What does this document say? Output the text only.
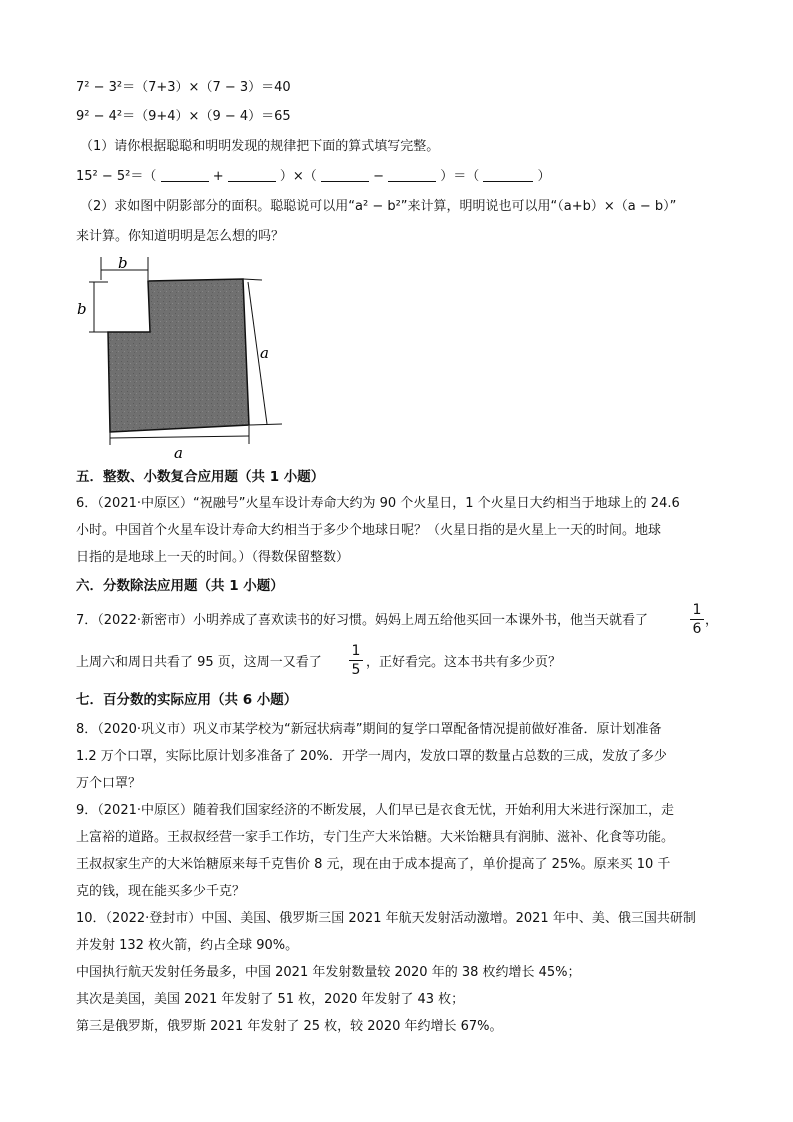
7² − 3²＝（7+3）×（7 − 3）＝40
9² − 4²＝（9+4）×（9 − 4）＝65
（1）请你根据聪聪和明明发现的规律把下面的算式填写完整。
15² − 5²＝（	+	）×（	−	）＝（	）
（2）求如图中阴影部分的面积。聪聪说可以用“a² − b²”来计算，明明说也可以用“（a+b）×（a − b）”
来计算。你知道明明是怎么想的吗？
b
b
a
a
五．整数、小数复合应用题（共 1 小题）
6．（2021·中原区）“祝融号”火星车设计寿命大约为 90 个火星日，1 个火星日大约相当于地球上的 24.6
小时。中国首个火星车设计寿命大约相当于多少个地球日呢？（火星日指的是火星上一天的时间。地球
日指的是地球上一天的时间。）（得数保留整数）
六．分数除法应用题（共 1 小题）
7．（2022·新密市）小明养成了喜欢读书的好习惯。妈妈上周五给他买回一本课外书，他当天就看了
1
6
，
上周六和周日共看了 95 页，这周一又看了
1
5 ，正好看完。这本书共有多少页？
七．百分数的实际应用（共 6 小题）
8．（2020·巩义市）巩义市某学校为“新冠状病毒”期间的复学口罩配备情况提前做好准备．原计划准备
1.2 万个口罩，实际比原计划多准备了 20%．开学一周内，发放口罩的数量占总数的三成，发放了多少
万个口罩？
9．（2021·中原区）随着我们国家经济的不断发展，人们早已是衣食无忧，开始利用大米进行深加工，走
上富裕的道路。王叔叔经营一家手工作坊，专门生产大米饴糖。大米饴糖具有润肺、滋补、化食等功能。
王叔叔家生产的大米饴糖原来每千克售价 8 元，现在由于成本提高了，单价提高了 25%。原来买 10 千
克的钱，现在能买多少千克？
10．（2022·登封市）中国、美国、俄罗斯三国 2021 年航天发射活动激增。2021 年中、美、俄三国共研制
并发射 132 枚火箭，约占全球 90%。
中国执行航天发射任务最多，中国 2021 年发射数量较 2020 年的 38 枚约增长 45%；
其次是美国，美国 2021 年发射了 51 枚，2020 年发射了 43 枚；
第三是俄罗斯，俄罗斯 2021 年发射了 25 枚，较 2020 年约增长 67%。
